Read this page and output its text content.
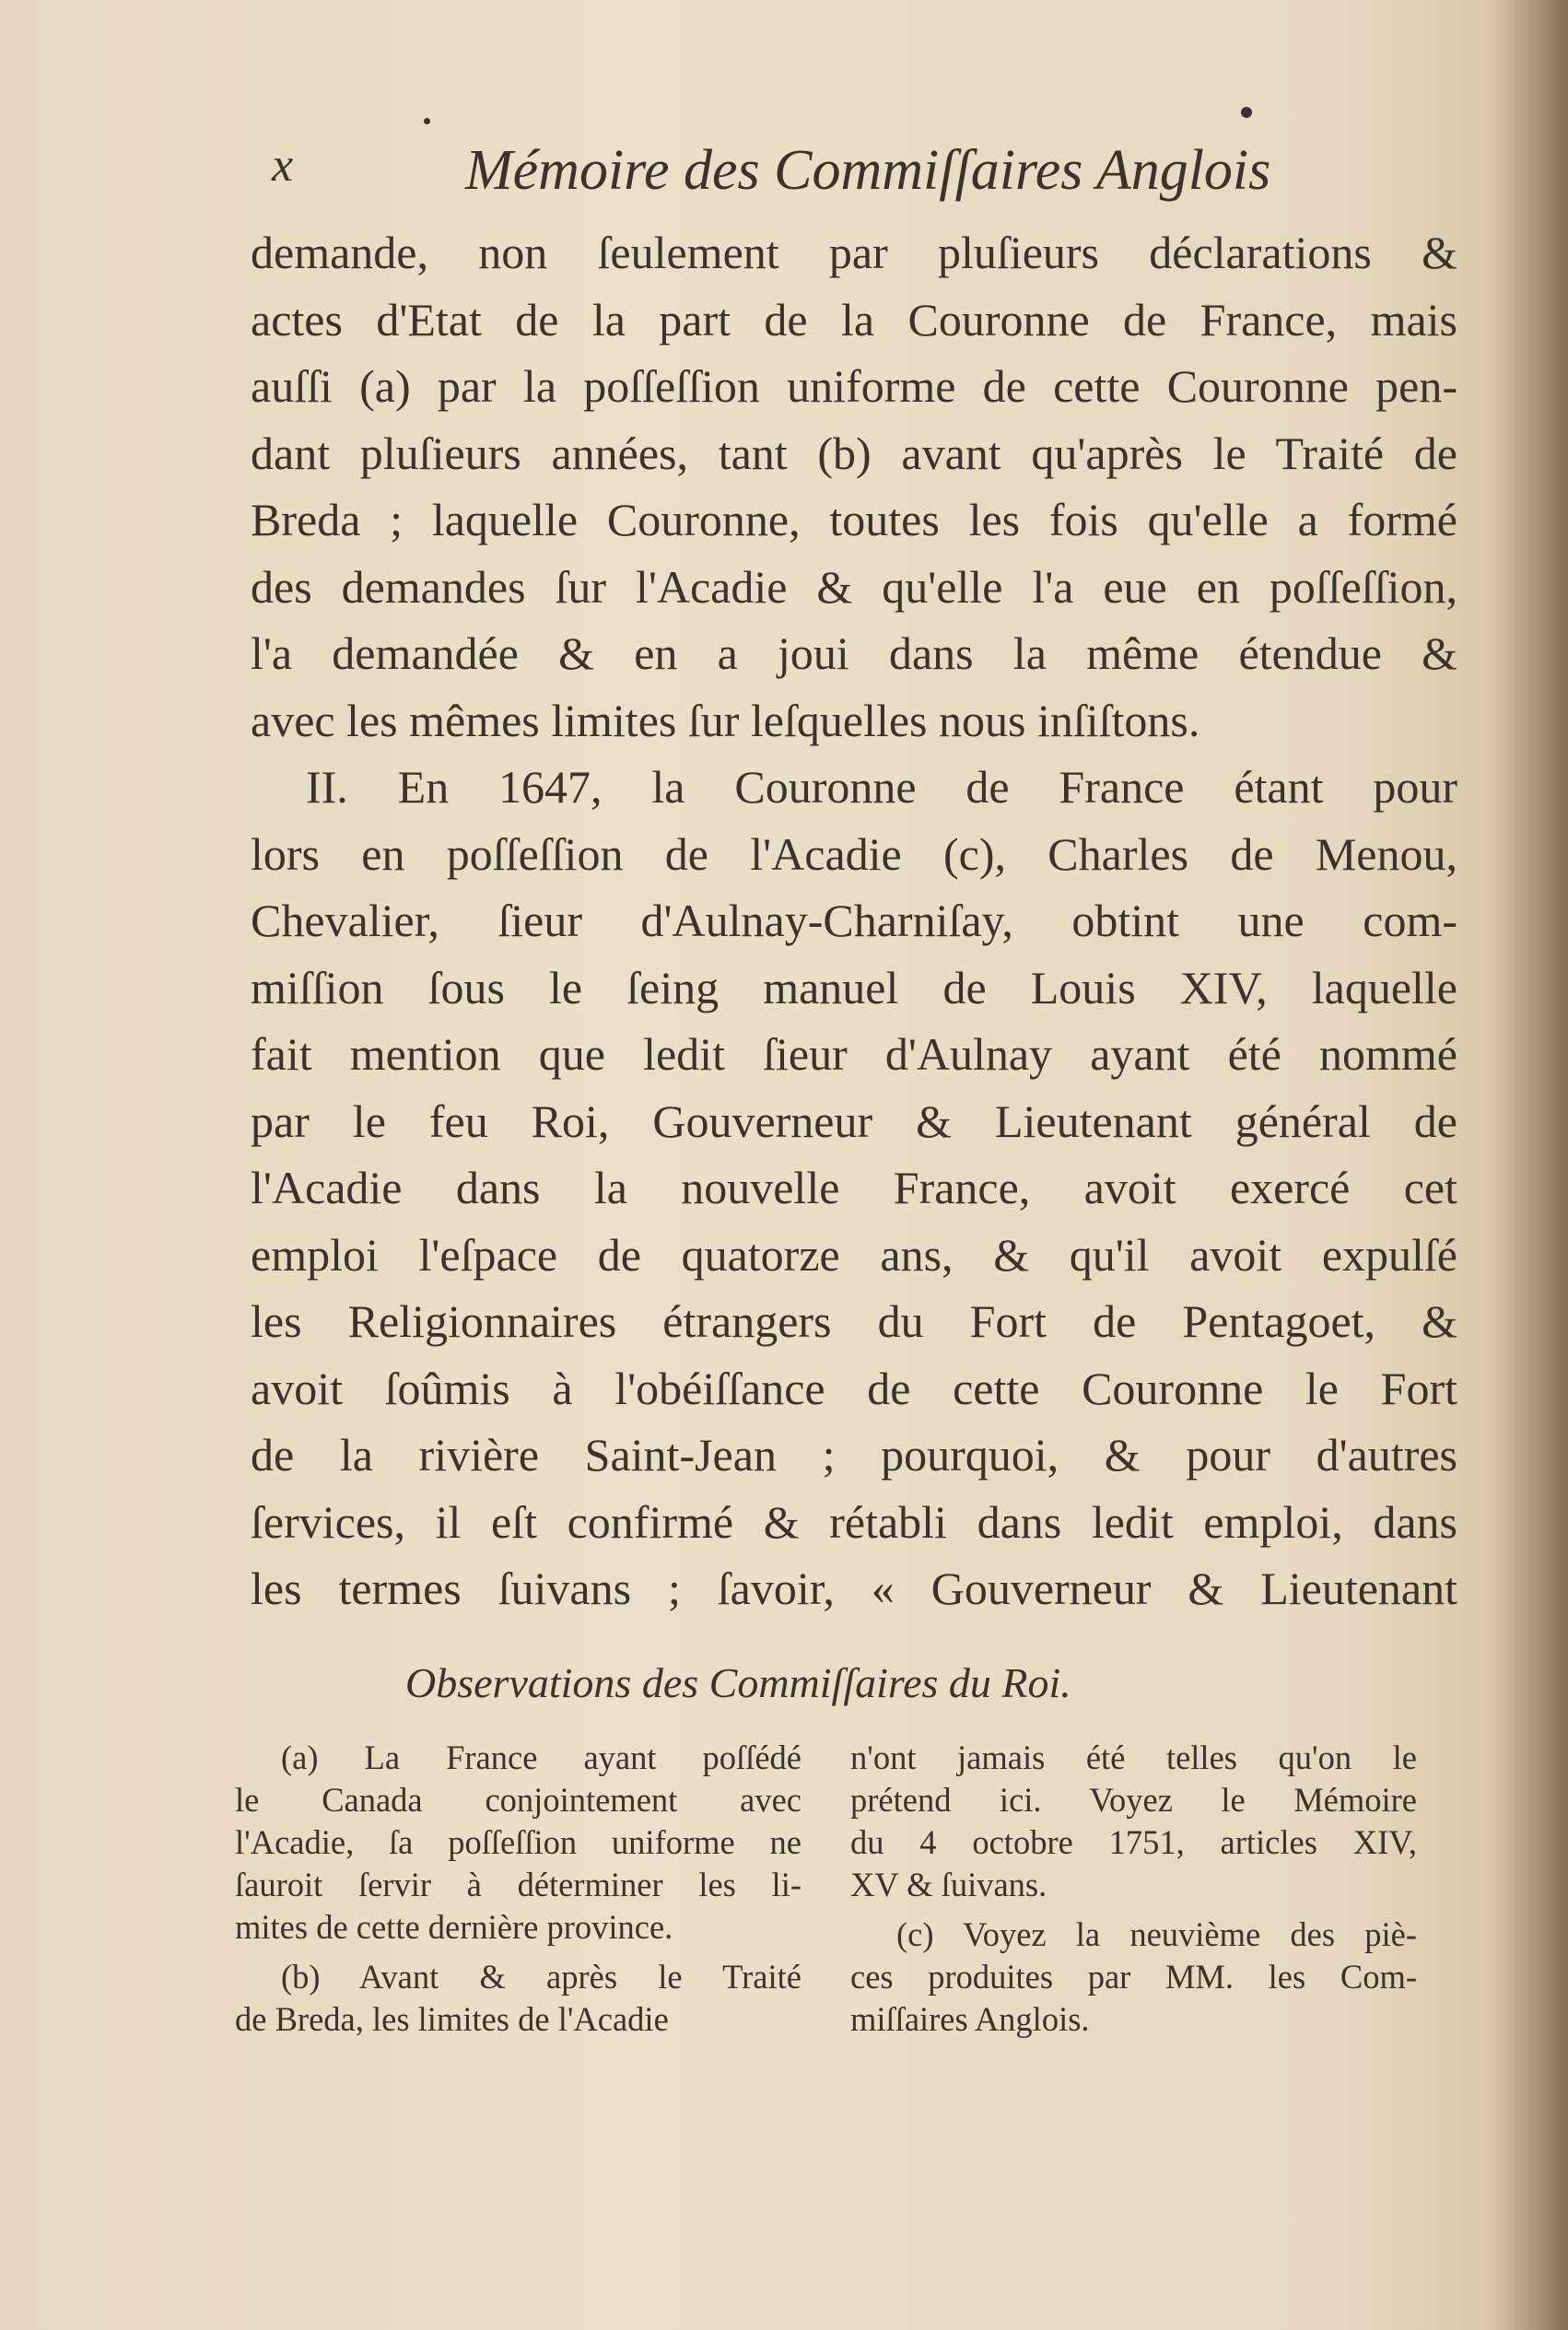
x	Mémoire des Commiſſaires Anglois
demande, non ſeulement par pluſieurs déclarations &
actes d'Etat de la part de la Couronne de France, mais
auſſi (a) par la poſſeſſion uniforme de cette Couronne pen-
dant pluſieurs années, tant (b) avant qu'après le Traité de
Breda ; laquelle Couronne, toutes les fois qu'elle a formé
des demandes ſur l'Acadie & qu'elle l'a eue en poſſeſſion,
l'a demandée & en a joui dans la même étendue &
avec les mêmes limites ſur leſquelles nous inſiſtons.
II. En 1647, la Couronne de France étant pour
lors en poſſeſſion de l'Acadie (c), Charles de Menou,
Chevalier, ſieur d'Aulnay-Charniſay, obtint une com-
miſſion ſous le ſeing manuel de Louis XIV, laquelle
fait mention que ledit ſieur d'Aulnay ayant été nommé
par le feu Roi, Gouverneur & Lieutenant général de
l'Acadie dans la nouvelle France, avoit exercé cet
emploi l'eſpace de quatorze ans, & qu'il avoit expulſé
les Religionnaires étrangers du Fort de Pentagoet, &
avoit ſoûmis à l'obéiſſance de cette Couronne le Fort
de la rivière Saint-Jean ; pourquoi, & pour d'autres
ſervices, il eſt confirmé & rétabli dans ledit emploi, dans
les termes ſuivans ; ſavoir, « Gouverneur & Lieutenant
Observations des Commiſſaires du Roi.
(a) La France ayant poſſédé
le Canada conjointement avec
l'Acadie, ſa poſſeſſion uniforme ne
ſauroit ſervir à déterminer les li-
mites de cette dernière province.
(b) Avant & après le Traité
de Breda, les limites de l'Acadie
n'ont jamais été telles qu'on le
prétend ici. Voyez le Mémoire
du 4 octobre 1751, articles XIV,
XV & ſuivans.
(c) Voyez la neuvième des piè-
ces produites par MM. les Com-
miſſaires Anglois.
